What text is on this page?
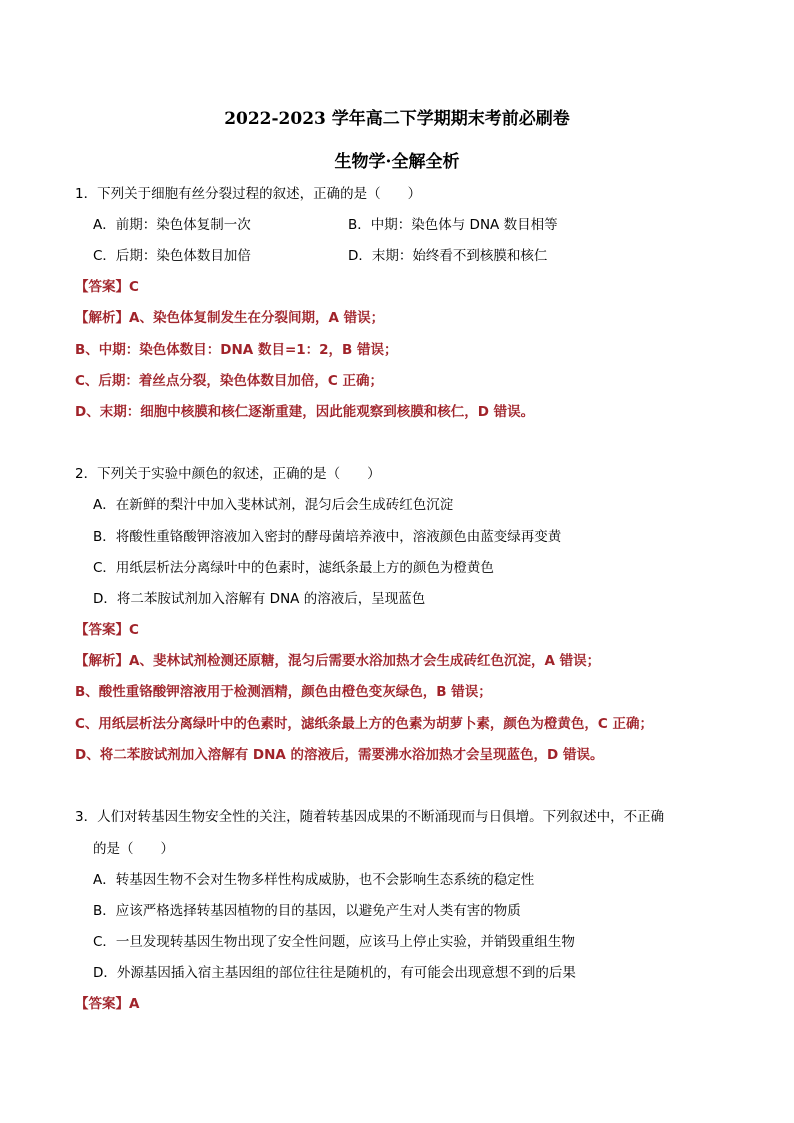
2022-2023 学年高二下学期期末考前必刷卷
生物学·全解全析
1．下列关于细胞有丝分裂过程的叙述，正确的是（　　）
A．前期：染色体复制一次	B．中期：染色体与 DNA 数目相等
C．后期：染色体数目加倍	D．末期：始终看不到核膜和核仁
【答案】C
【解析】A、染色体复制发生在分裂间期，A 错误；
B、中期：染色体数目：DNA 数目=1：2，B 错误；
C、后期：着丝点分裂，染色体数目加倍，C 正确；
D、末期：细胞中核膜和核仁逐渐重建，因此能观察到核膜和核仁，D 错误。
2．下列关于实验中颜色的叙述，正确的是（　　）
A．在新鲜的梨汁中加入斐林试剂，混匀后会生成砖红色沉淀
B．将酸性重铬酸钾溶液加入密封的酵母菌培养液中，溶液颜色由蓝变绿再变黄
C．用纸层析法分离绿叶中的色素时，滤纸条最上方的颜色为橙黄色
D．将二苯胺试剂加入溶解有 DNA 的溶液后，呈现蓝色
【答案】C
【解析】A、斐林试剂检测还原糖，混匀后需要水浴加热才会生成砖红色沉淀，A 错误；
B、酸性重铬酸钾溶液用于检测酒精，颜色由橙色变灰绿色，B 错误；
C、用纸层析法分离绿叶中的色素时，滤纸条最上方的色素为胡萝卜素，颜色为橙黄色，C 正确；
D、将二苯胺试剂加入溶解有 DNA 的溶液后，需要沸水浴加热才会呈现蓝色，D 错误。
3．人们对转基因生物安全性的关注，随着转基因成果的不断涌现而与日俱增。下列叙述中，不正确
的是（　　）
A．转基因生物不会对生物多样性构成威胁，也不会影响生态系统的稳定性
B．应该严格选择转基因植物的目的基因，以避免产生对人类有害的物质
C．一旦发现转基因生物出现了安全性问题，应该马上停止实验，并销毁重组生物
D．外源基因插入宿主基因组的部位往往是随机的，有可能会出现意想不到的后果
【答案】A
